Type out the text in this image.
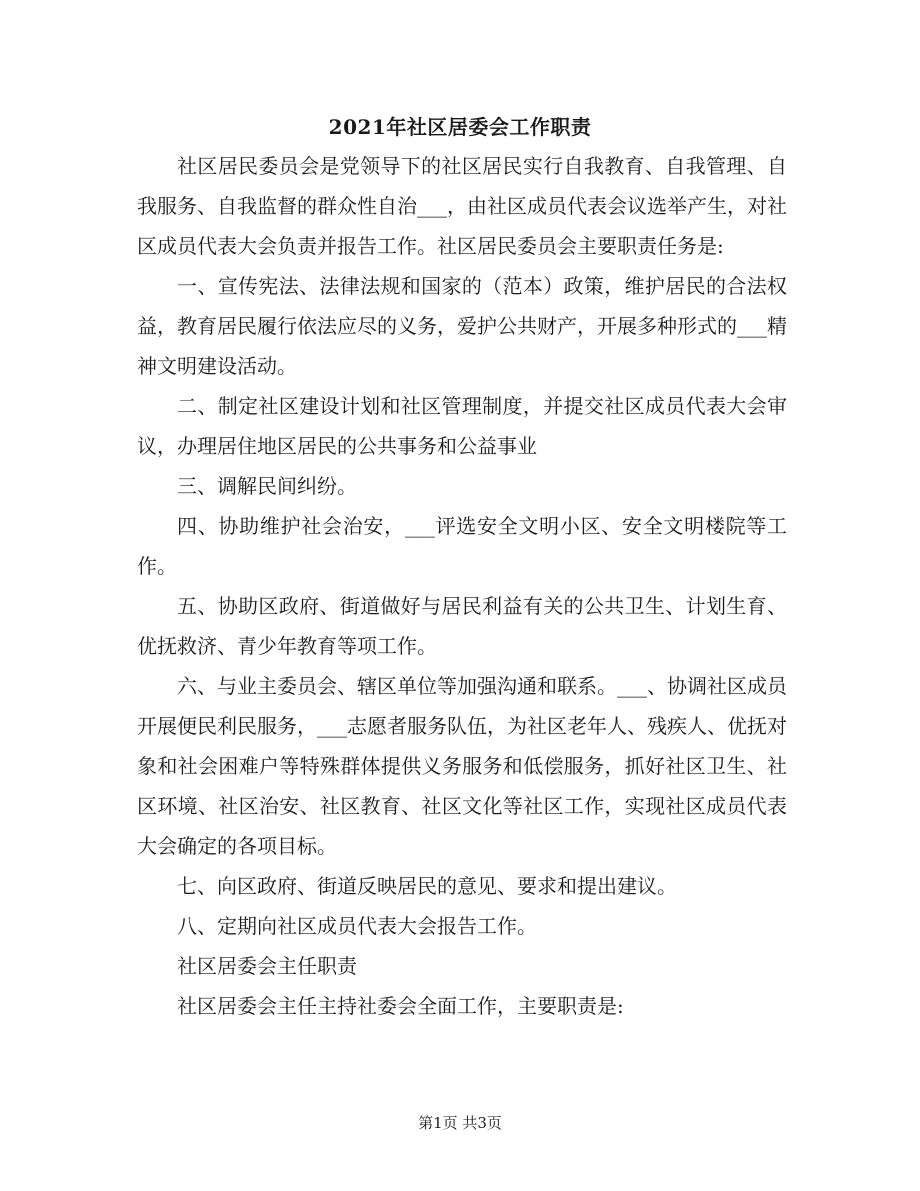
2021年社区居委会工作职责

社区居民委员会是党领导下的社区居民实行自我教育、自我管理、自我服务、自我监督的群众性自治___，由社区成员代表会议选举产生，对社区成员代表大会负责并报告工作。社区居民委员会主要职责任务是:

一、宣传宪法、法律法规和国家的（范本）政策，维护居民的合法权益，教育居民履行依法应尽的义务，爱护公共财产，开展多种形式的___精神文明建设活动。

二、制定社区建设计划和社区管理制度，并提交社区成员代表大会审议，办理居住地区居民的公共事务和公益事业

三、调解民间纠纷。

四、协助维护社会治安，___评选安全文明小区、安全文明楼院等工作。

五、协助区政府、街道做好与居民利益有关的公共卫生、计划生育、优抚救济、青少年教育等项工作。

六、与业主委员会、辖区单位等加强沟通和联系。___、协调社区成员开展便民利民服务，___志愿者服务队伍，为社区老年人、残疾人、优抚对象和社会困难户等特殊群体提供义务服务和低偿服务，抓好社区卫生、社区环境、社区治安、社区教育、社区文化等社区工作，实现社区成员代表大会确定的各项目标。

七、向区政府、街道反映居民的意见、要求和提出建议。

八、定期向社区成员代表大会报告工作。

社区居委会主任职责

社区居委会主任主持社委会全面工作，主要职责是:

第1页 共3页
